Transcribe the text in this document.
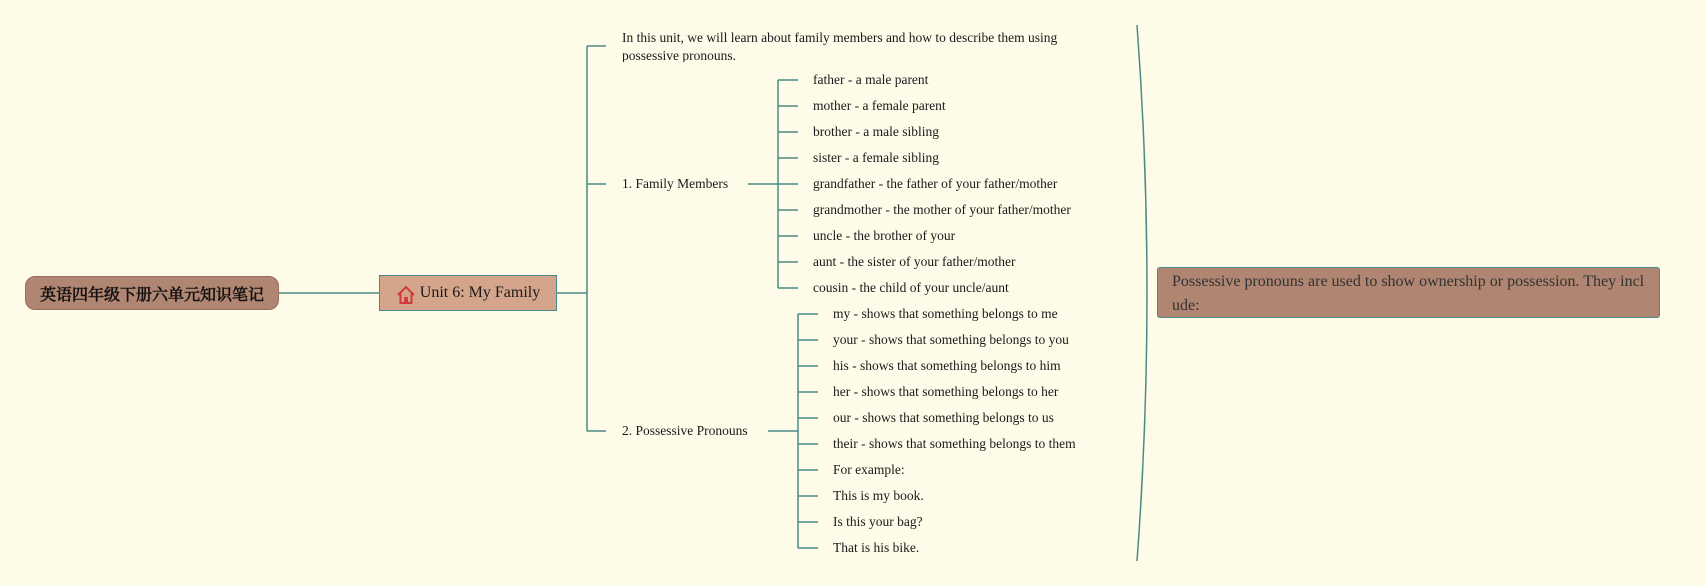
英语四年级下册六单元知识笔记	Unit 6: My Family
In this unit, we will learn about family members and how to describe them using possessive pronouns.
1. Family Members
2. Possessive Pronouns
father - a male parent
mother - a female parent
brother - a male sibling
sister - a female sibling
grandfather - the father of your father/mother
grandmother - the mother of your father/mother
uncle - the brother of your
aunt - the sister of your father/mother
cousin - the child of your uncle/aunt
my - shows that something belongs to me
your - shows that something belongs to you
his - shows that something belongs to him
her - shows that something belongs to her
our - shows that something belongs to us
their - shows that something belongs to them
For example:
This is my book.
Is this your bag?
That is his bike.
Possessive pronouns are used to show ownership or possession. They include:
